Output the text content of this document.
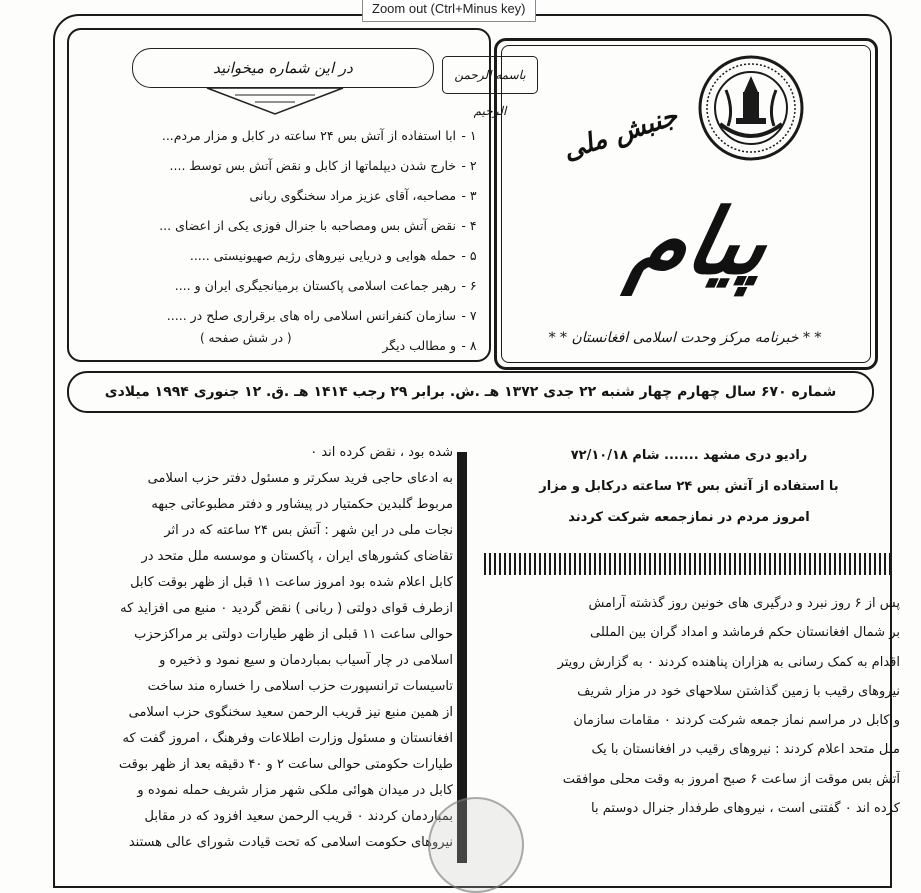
Zoom out (Ctrl+Minus key)
در این شماره میخوانید	باسمه الرحمن الرحیم
۱ - ابا استفاده از آتش بس ۲۴ ساعته در کابل و مزار مردم...
۲ - خارج شدن دیپلماتها از کابل و نقض آتش بس توسط ....
۳ - مصاحبه، آقای عزیز مراد سخنگوی ربانی
۴ - نقض آتش بس ومصاحبه با جنرال فوزی یکی از اعضای ...
۵ - حمله هوایی و دریایی نیروهای رژیم صهیونیستی .....
۶ - رهبر جماعت اسلامی پاکستان برمیانجیگری ایران و ....
۷ - سازمان کنفرانس اسلامی راه های برقراری صلح در .....
۸ - و مطالب دیگر
( در شش صفحه )
جنبش ملی
پیام
* * خبرنامه مرکز وحدت اسلامی افغانستان * *
شماره ۶۷۰ سال چهارم چهار شنبه ۲۲ جدی ۱۳۷۲ هـ .ش. برابر ۲۹ رجب ۱۴۱۴ هـ .ق. ۱۲ جنوری ۱۹۹۴ میلادی
رادیو دری مشهد ....... شام ۷۲/۱۰/۱۸
با استفاده از آتش بس ۲۴ ساعته درکابل و مزار
امروز مردم در نمازجمعه شرکت کردند

پس از ۶ روز نبرد و درگیری های خونین روز گذشته آرامش

بر شمال افغانستان حکم فرماشد و امداد گران بین المللی

اقدام به کمک رسانی به هزاران پناهنده کردند ۰ به گزارش رویتر

نیروهای رقیب با زمین گذاشتن سلاحهای خود در مزار شریف

و کابل در مراسم نماز جمعه شرکت کردند ۰ مقامات سازمان

ملل متحد اعلام کردند : نیروهای رقیب در افغانستان با یک

آتش بس موقت از ساعت ۶ صبح امروز به وقت محلی موافقت

کرده اند ۰ گفتنی است ، نیروهای طرفدار جنرال دوستم با

شده بود ، نقض کرده اند ۰

به ادعای حاجی فرید سکرتر و مسئول دفتر حزب اسلامی

مربوط گلبدین حکمتیار در پیشاور و دفتر مطبوعاتی جبهه

نجات ملی در این شهر : آتش بس ۲۴ ساعته که در اثر

تقاضای کشورهای ایران ، پاکستان و موسسه ملل متحد در

کابل اعلام شده بود امروز ساعت ۱۱ قبل از ظهر بوقت کابل

ازطرف قوای دولتی ( ربانی ) نقض گردید ۰ منبع می افزاید که

حوالی ساعت ۱۱ قبلی از ظهر طیارات دولتی بر مراکزحزب

اسلامی در چار آسیاب بمباردمان و سیع نمود و ذخیره و

تاسیسات ترانسپورت حزب اسلامی را خساره مند ساخت

از همین منبع نیز قریب الرحمن سعید سخنگوی حزب اسلامی

افغانستان و مسئول وزارت اطلاعات وفرهنگ ، امروز گفت که

طیارات حکومتی حوالی ساعت ۲ و ۴۰ دقیقه بعد از ظهر بوقت

کابل در میدان هوائی ملکی شهر مزار شریف حمله نموده و

بمباردمان کردند ۰ قریب الرحمن سعید افزود که در مقابل

نیروهای حکومت اسلامی که تحت قیادت شورای عالی هستند
